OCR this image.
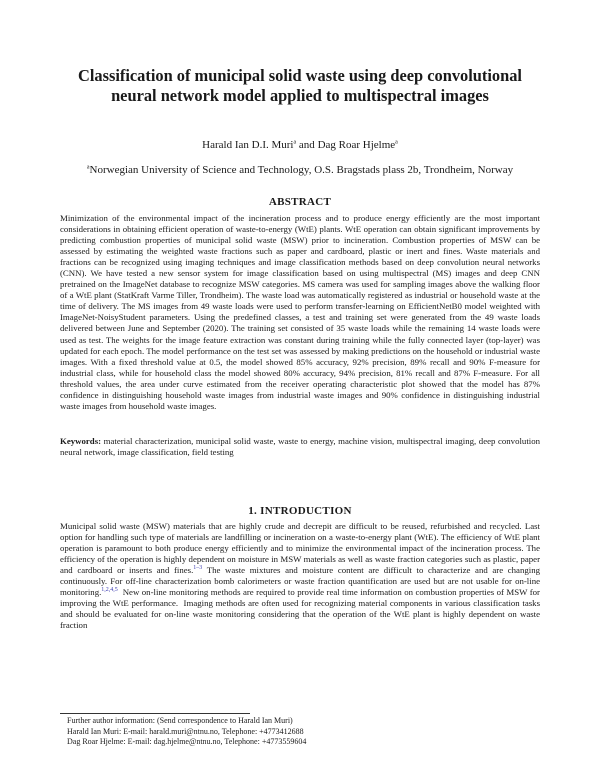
Classification of municipal solid waste using deep convolutional neural network model applied to multispectral images
Harald Ian D.I. Muri$^a$ and Dag Roar Hjelme$^a$
$^a$Norwegian University of Science and Technology, O.S. Bragstads plass 2b, Trondheim, Norway
ABSTRACT
Minimization of the environmental impact of the incineration process and to produce energy efficiently are the most important considerations in obtaining efficient operation of waste-to-energy (WtE) plants. WtE operation can obtain significant improvements by predicting combustion properties of municipal solid waste (MSW) prior to incineration. Combustion properties of MSW can be assessed by estimating the weighted waste fractions such as paper and cardboard, plastic or inert and fines. Waste materials and fractions can be recognized using imaging techniques and image classification methods based on deep convolution neural networks (CNN). We have tested a new sensor system for image classification based on using multispectral (MS) images and deep CNN pretrained on the ImageNet database to recognize MSW categories. MS camera was used for sampling images above the walking floor of a WtE plant (StatKraft Varme Tiller, Trondheim). The waste load was automatically registered as industrial or household waste at the time of delivery. The MS images from 49 waste loads were used to perform transfer-learning on EfficientNetB0 model weighted with ImageNet-NoisyStudent parameters. Using the predefined classes, a test and training set were generated from the 49 waste loads delivered between June and September (2020). The training set consisted of 35 waste loads while the remaining 14 waste loads were used as test. The weights for the image feature extraction was constant during training while the fully connected layer (top-layer) was updated for each epoch. The model performance on the test set was assessed by making predictions on the household or industrial waste images. With a fixed threshold value at 0.5, the model showed 85% accuracy, 92% precision, 89% recall and 90% F-measure for industrial class, while for household class the model showed 80% accuracy, 94% precision, 81% recall and 87% F-measure. For all threshold values, the area under curve estimated from the receiver operating characteristic plot showed that the model has 87% confidence in distinguishing household waste images from industrial waste images and 90% confidence in distinguishing industrial waste images from household waste images.
Keywords: material characterization, municipal solid waste, waste to energy, machine vision, multispectral imaging, deep convolution neural network, image classification, field testing
1. INTRODUCTION
Municipal solid waste (MSW) materials that are highly crude and decrepit are difficult to be reused, refurbished and recycled. Last option for handling such type of materials are landfilling or incineration on a waste-to-energy plant (WtE). The efficiency of WtE plant operation is paramount to both produce energy efficiently and to minimize the environmental impact of the incineration process. The efficiency of the operation is highly dependent on moisture in MSW materials as well as waste fraction categories such as plastic, paper and cardboard or inserts and fines.$^{1-3}$ The waste mixtures and moisture content are difficult to characterize and are changing continuously. For off-line characterization bomb calorimeters or waste fraction quantification are used but are not usable for on-line monitoring.$^{1,2,4,5}$  New on-line monitoring methods are required to provide real time information on combustion properties of MSW for improving the WtE performance.  Imaging methods are often used for recognizing material components in various classification tasks and should be evaluated for on-line waste monitoring considering that the operation of the WtE plant is highly dependent on waste fraction
Further author information: (Send correspondence to Harald Ian Muri)
Harald Ian Muri: E-mail: harald.muri@ntnu.no, Telephone: +4773412688
Dag Roar Hjelme: E-mail: dag.hjelme@ntnu.no, Telephone: +4773559604
